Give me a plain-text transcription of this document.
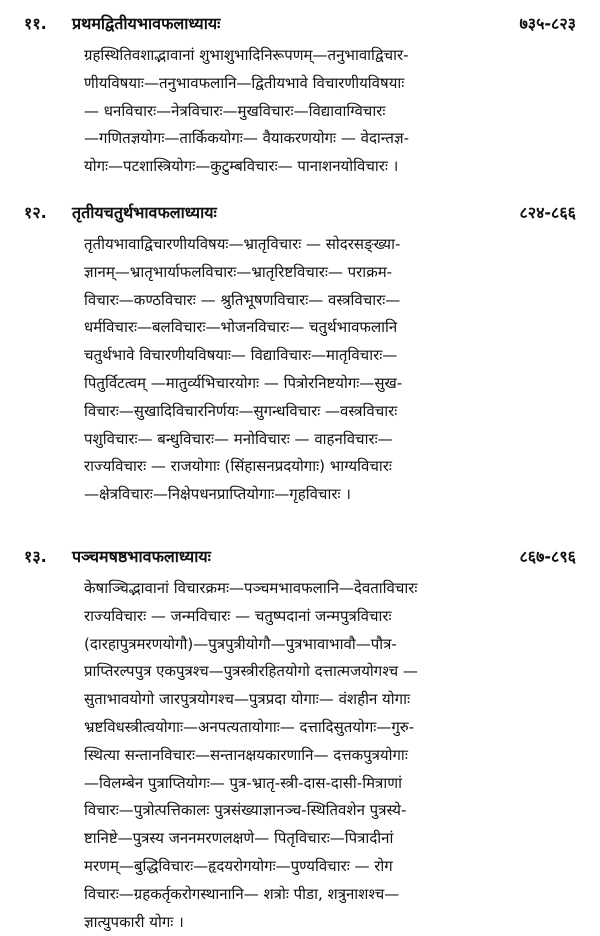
११.	प्रथमद्वितीयभावफलाध्यायः	७३५-८२३
ग्रहस्थितिवशाद्भावानां शुभाशुभादिनिरूपणम्—तनुभावाद्विचार-
णीयविषयाः—तनुभावफलानि—द्वितीयभावे विचारणीयविषयाः
— धनविचारः—नेत्रविचारः—मुखविचारः—विद्यावाग्विचारः
—गणितज्ञयोगः—तार्किकयोगः— वैयाकरणयोगः — वेदान्तज्ञ-
योगः—पटशास्त्रियोगः—कुटुम्बविचारः— पानाशनयोविचारः ।
१२.	तृतीयचतुर्थभावफलाध्यायः	८२४-८६६
तृतीयभावाद्विचारणीयविषयः—भ्रातृविचारः — सोदरसङ्ख्या-
ज्ञानम्—भ्रातृभार्याफलविचारः—भ्रातृरिष्टविचारः— पराक्रम-
विचारः—कण्ठविचारः — श्रुतिभूषणविचारः— वस्त्रविचारः—
धर्मविचारः—बलविचारः—भोजनविचारः— चतुर्थभावफलानि
चतुर्थभावे विचारणीयविषयाः— विद्याविचारः—मातृविचारः—
पितुर्विटत्वम् —मातुर्व्यभिचारयोगः — पित्रोरनिष्टयोगः—सुख-
विचारः—सुखादिविचारनिर्णयः—सुगन्धविचारः —वस्त्रविचारः
पशुविचारः— बन्धुविचारः— मनोविचारः — वाहनविचारः—
राज्यविचारः — राजयोगाः (सिंहासनप्रदयोगाः) भाग्यविचारः
—क्षेत्रविचारः—निक्षेपधनप्राप्तियोगाः—गृहविचारः ।
१३.	पञ्चमषष्ठभावफलाध्यायः	८६७-८९६
केषाञ्चिद्भावानां विचारक्रमः—पञ्चमभावफलानि—देवताविचारः
राज्यविचारः — जन्मविचारः — चतुष्पदानां जन्मपुत्रविचारः
(दारहापुत्रमरणयोगौ)—पुत्रपुत्रीयोगौ—पुत्रभावाभावौ—पौत्र-
प्राप्तिरल्पपुत्र एकपुत्रश्च—पुत्रस्त्रीरहितयोगो दत्तात्मजयोगश्च —
सुताभावयोगो जारपुत्रयोगश्च—पुत्रप्रदा योगाः— वंशहीन योगाः
भ्रष्टविधस्त्रीत्वयोगाः—अनपत्यतायोगाः— दत्तादिसुतयोगः—गुरु-
स्थित्या सन्तानविचारः—सन्तानक्षयकारणानि— दत्तकपुत्रयोगाः
—विलम्बेन पुत्राप्तियोगः— पुत्र-भ्रातृ-स्त्री-दास-दासी-मित्राणां
विचारः—पुत्रोत्पत्तिकालः पुत्रसंख्याज्ञानञ्च-स्थितिवशेन पुत्रस्ये-
ष्टानिष्टे—पुत्रस्य जननमरणलक्षणे— पितृविचारः—पित्रादीनां
मरणम्—बुद्धिविचारः—हृदयरोगयोगः—पुण्यविचारः — रोग
विचारः—ग्रहकर्तृकरोगस्थानानि— शत्रोः पीडा, शत्रुनाशश्च—
ज्ञात्युपकारी योगः ।
